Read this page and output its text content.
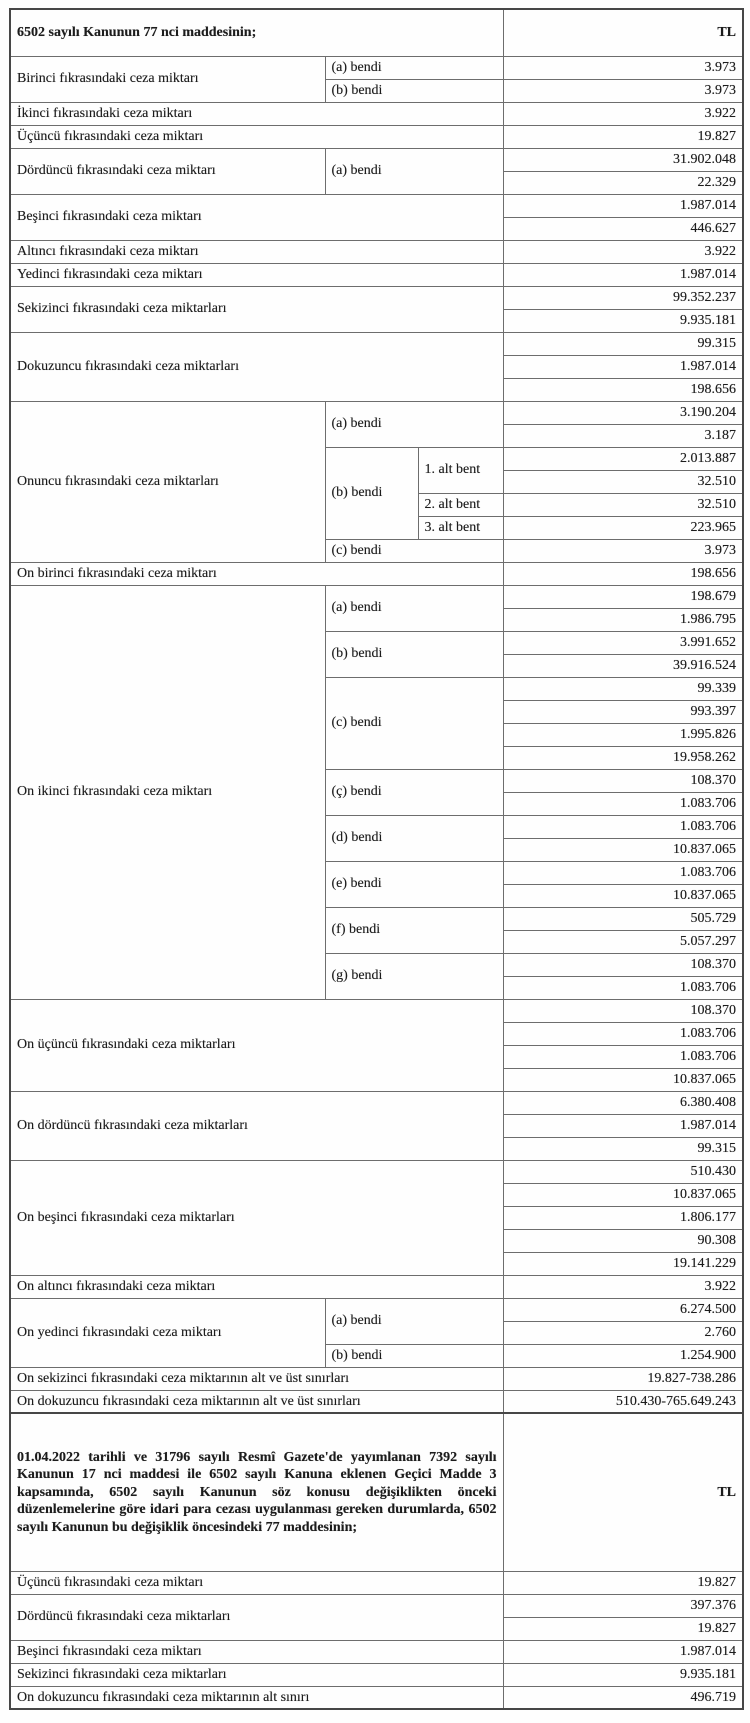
6502 sayılı Kanunun 77 nci maddesinin;			TL
Birinci fıkrasındaki ceza miktarı	(a) bendi		3.973
	(b) bendi		3.973
İkinci fıkrasındaki ceza miktarı			3.922
Üçüncü fıkrasındaki ceza miktarı			19.827
Dördüncü fıkrasındaki ceza miktarı	(a) bendi		31.902.048
			22.329
Beşinci fıkrasındaki ceza miktarı			1.987.014
			446.627
Altıncı fıkrasındaki ceza miktarı			3.922
Yedinci fıkrasındaki ceza miktarı			1.987.014
Sekizinci fıkrasındaki ceza miktarları			99.352.237
			9.935.181
Dokuzuncu fıkrasındaki ceza miktarları			99.315
			1.987.014
			198.656
Onuncu fıkrasındaki ceza miktarları	(a) bendi		3.190.204
			3.187
	(b) bendi	1. alt bent	2.013.887
			32.510
		2. alt bent	32.510
		3. alt bent	223.965
	(c) bendi		3.973
On birinci fıkrasındaki ceza miktarı			198.656
On ikinci fıkrasındaki ceza miktarı	(a) bendi		198.679
			1.986.795
	(b) bendi		3.991.652
			39.916.524
	(c) bendi		99.339
			993.397
			1.995.826
			19.958.262
	(ç) bendi		108.370
			1.083.706
	(d) bendi		1.083.706
			10.837.065
	(e) bendi		1.083.706
			10.837.065
	(f) bendi		505.729
			5.057.297
	(g) bendi		108.370
			1.083.706
On üçüncü fıkrasındaki ceza miktarları			108.370
			1.083.706
			1.083.706
			10.837.065
On dördüncü fıkrasındaki ceza miktarları			6.380.408
			1.987.014
			99.315
On beşinci fıkrasındaki ceza miktarları			510.430
			10.837.065
			1.806.177
			90.308
			19.141.229
On altıncı fıkrasındaki ceza miktarı			3.922
On yedinci fıkrasındaki ceza miktarı	(a) bendi		6.274.500
			2.760
	(b) bendi		1.254.900
On sekizinci fıkrasındaki ceza miktarının alt ve üst sınırları			19.827-738.286
On dokuzuncu fıkrasındaki ceza miktarının alt ve üst sınırları			510.430-765.649.243
01.04.2022 tarihli ve 31796 sayılı Resmî Gazete'de yayımlanan 7392 sayılı Kanunun 17 nci maddesi ile 6502 sayılı Kanuna eklenen Geçici Madde 3 kapsamında, 6502 sayılı Kanunun söz konusu değişiklikten önceki düzenlemelerine göre idari para cezası uygulanması gereken durumlarda, 6502 sayılı Kanunun bu değişiklik öncesindeki 77 maddesinin;			TL
Üçüncü fıkrasındaki ceza miktarı			19.827
Dördüncü fıkrasındaki ceza miktarları			397.376
			19.827
Beşinci fıkrasındaki ceza miktarı			1.987.014
Sekizinci fıkrasındaki ceza miktarları			9.935.181
On dokuzuncu fıkrasındaki ceza miktarının alt sınırı			496.719
